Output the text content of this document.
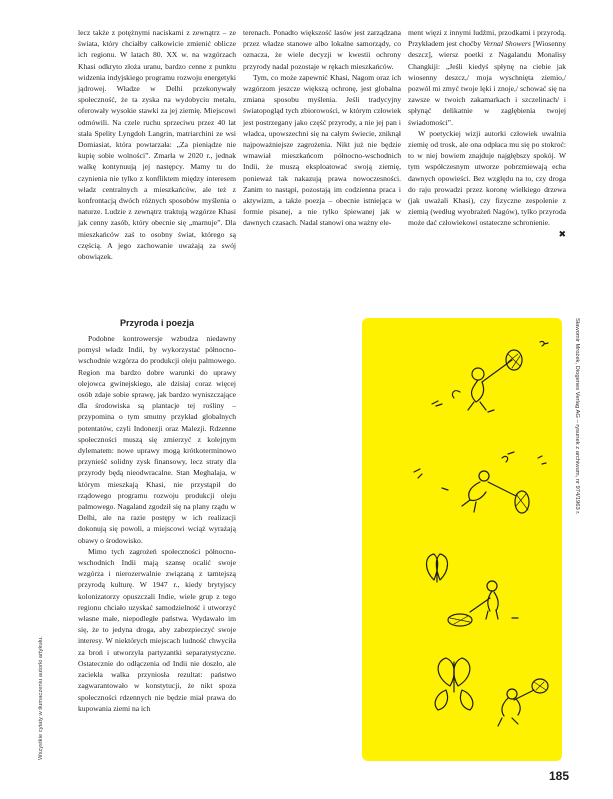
lecz także z potężnymi naciskami z zewnątrz – ze świata, który chciałby całkowicie zmienić oblicze ich regionu. W latach 80. XX w. na wzgórzach Khasi odkryto złoża uranu, bardzo cenne z punktu widzenia indyjskiego programu rozwoju energetyki jądrowej. Władze w Delhi przekonywały społeczność, że ta zyska na wydobyciu metalu, oferowały wysokie stawki za jej ziemię. Miejscowi odmówili. Na czele ruchu sprzeciwu przez 40 lat stała Spelity Lyngdoh Langrin, matriarchini ze wsi Domiasiat, która powtarzała: „Za pieniądze nie kupię sobie wolności”. Zmarła w 2020 r., jednak walkę kontynuują jej następcy. Mamy tu do czynienia nie tylko z konfliktem między interesem władz centralnych a mieszkańców, ale też z konfrontacją dwóch różnych sposobów myślenia o naturze. Ludzie z zewnątrz traktują wzgórze Khasi jak cenny zasób, który obecnie się „marnuje”. Dla mieszkańców zaś to osobny świat, którego są częścią. A jego zachowanie uważają za swój obowiązek.

Przyroda i poezja

Podobne kontrowersje wzbudza niedawny pomysł władz Indii, by wykorzystać północno-wschodnie wzgórza do produkcji oleju palmowego. Region ma bardzo dobre warunki do uprawy olejowca gwinejskiego, ale dzisiaj coraz więcej osób zdaje sobie sprawę, jak bardzo wyniszczające dla środowiska są plantacje tej rośliny – przypomina o tym smutny przykład globalnych potentatów, czyli Indonezji oraz Malezji. Rdzenne społeczności muszą się zmierzyć z kolejnym dylematem: nowe uprawy mogą krótkoterminowo przynieść solidny zysk finansowy, lecz straty dla przyrody będą nieodwracalne. Stan Meghalaja, w którym mieszkają Khasi, nie przystąpił do rządowego programu rozwoju produkcji oleju palmowego. Nagaland zgodził się na plany rządu w Delhi, ale na razie postępy w ich realizacji dokonują się powoli, a miejscowi wciąż wyrażają obawy o środowisko.

Mimo tych zagrożeń społeczności północno-wschodnich Indii mają szansę ocalić swoje wzgórza i nierozerwalnie związaną z tamtejszą przyrodą kulturę. W 1947 r., kiedy brytyjscy kolonizatorzy opuszczali Indie, wiele grup z tego regionu chciało uzyskać samodzielność i utworzyć własne małe, niepodległe państwa. Wydawało im się, że to jedyna droga, aby zabezpieczyć swoje interesy. W niektórych miejscach ludność chwyciła za broń i utworzyła partyzantki separatystyczne. Ostatecznie do odłączenia od Indii nie doszło, ale zaciekła walka przyniosła rezultat: państwo zagwarantowało w konstytucji, że nikt spoza społeczności rdzennych nie będzie miał prawa do kupowania ziemi na ich

terenach. Ponadto większość lasów jest zarządzana przez władze stanowe albo lokalne samorządy, co oznacza, że wiele decyzji w kwestii ochrony przyrody nadal pozostaje w rękach mieszkańców.

Tym, co może zapewnić Khasi, Nagom oraz ich wzgórzom jeszcze większą ochronę, jest globalna zmiana sposobu myślenia. Jeśli tradycyjny światopogląd tych zbiorowości, w którym człowiek jest postrzegany jako część przyrody, a nie jej pan i władca, upowszechni się na całym świecie, zniknął najpoważniejsze zagrożenia. Nikt już nie będzie wmawiał mieszkańcom północno-wschodnich Indii, że muszą eksploatować swoją ziemię, ponieważ tak nakazują prawa nowoczesności. Zanim to nastąpi, pozostają im codzienna praca i aktywizm, a także poezja – obecnie istniejąca w formie pisanej, a nie tylko śpiewanej jak w dawnych czasach. Nadal stanowi ona ważny ele-

ment więzi z innymi ludźmi, przodkami i przyrodą. Przykładem jest choćby Vernal Showers [Wiosenny deszcz], wiersz poetki z Nagalandu Monalisy Changkiji: „Jeśli kiedyś spłynę na ciebie jak wiosenny deszcz,/ moja wyschnięta ziemio,/ pozwól mi zmyć twoje lęki i znoje,/ schować się na zawsze w twoich zakamarkach i szczelinach/ i spłynąć delikatnie w zagłębienia twojej świadomości”.

W poetyckiej wizji autorki człowiek uwalnia ziemię od trosk, ale ona odpłaca mu się po stokroć: to w niej bowiem znajduje najgłębszy spokój. W tym współczesnym utworze pobrzmiewają echa dawnych opowieści. Bez względu na to, czy droga do raju prowadzi przez koronę wielkiego drzewa (jak uważali Khasi), czy fizyczne zespolenie z ziemią (według wyobrażeń Nagów), tylko przyroda może dać człowiekowi ostateczne schronienie.

✖
Wszystkie cytaty w tłumaczeniu autorki artykułu.
Sławomir Mrożek, Diogenes Verlag AG – rysunek z archiwum, nr 974/1963 r.
185
